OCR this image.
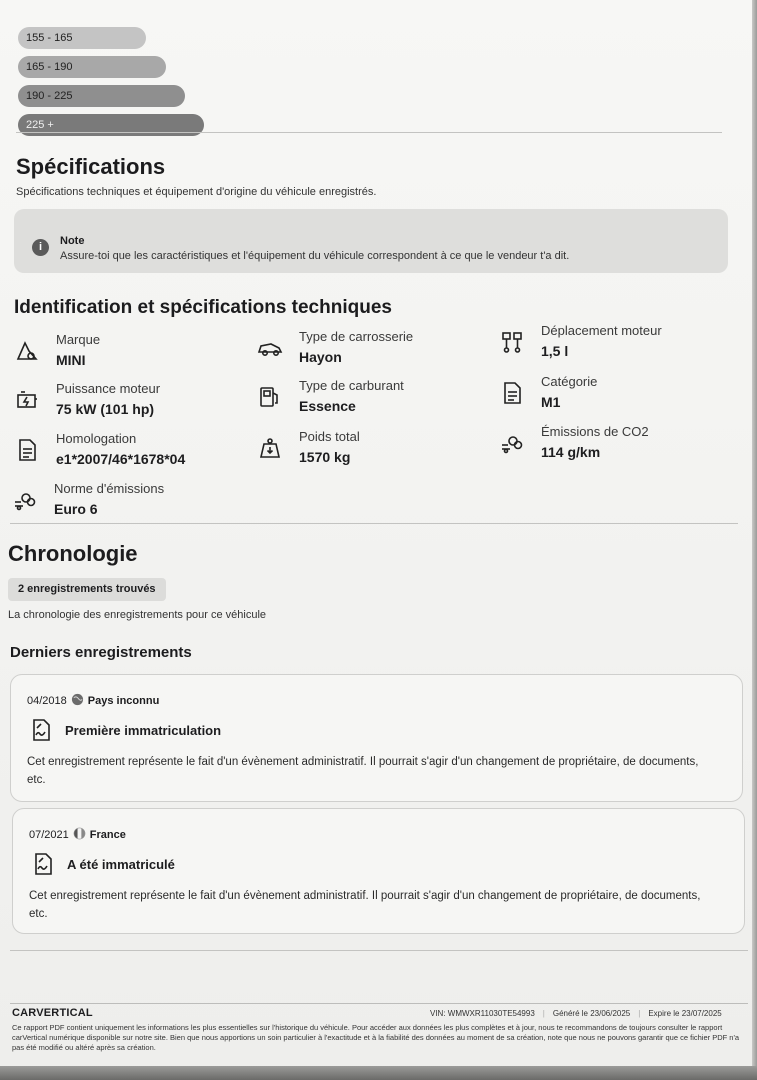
155 - 165
165 - 190
190 - 225
225 +
Spécifications
Spécifications techniques et équipement d'origine du véhicule enregistrés.
i	Note
Assure-toi que les caractéristiques et l'équipement du véhicule correspondent à ce que le vendeur t'a dit.
Identification et spécifications techniques
Marque
MINI
Type de carrosserie
Hayon
Déplacement moteur
1,5 l
Puissance moteur
75 kW (101 hp)
Type de carburant
Essence
Catégorie
M1
Homologation
e1*2007/46*1678*04
Poids total
1570 kg
Émissions de CO2
114 g/km
Norme d'émissions
Euro 6
Chronologie
2 enregistrements trouvés
La chronologie des enregistrements pour ce véhicule
Derniers enregistrements
04/2018 Pays inconnu
Première immatriculation
Cet enregistrement représente le fait d'un évènement administratif. Il pourrait s'agir d'un changement de propriétaire, de documents, etc.
07/2021 France
A été immatriculé
Cet enregistrement représente le fait d'un évènement administratif. Il pourrait s'agir d'un changement de propriétaire, de documents, etc.
CARVERTICAL	VIN: WMWXR11030TE54993 | Généré le 23/06/2025 | Expire le 23/07/2025
Ce rapport PDF contient uniquement les informations les plus essentielles sur l'historique du véhicule. Pour accéder aux données les plus complètes et à jour, nous te recommandons de toujours consulter le rapport carVertical numérique disponible sur notre site. Bien que nous apportions un soin particulier à l'exactitude et à la fiabilité des données au moment de sa création, note que nous ne pouvons garantir que ce fichier PDF n'a pas été modifié ou altéré après sa création.
